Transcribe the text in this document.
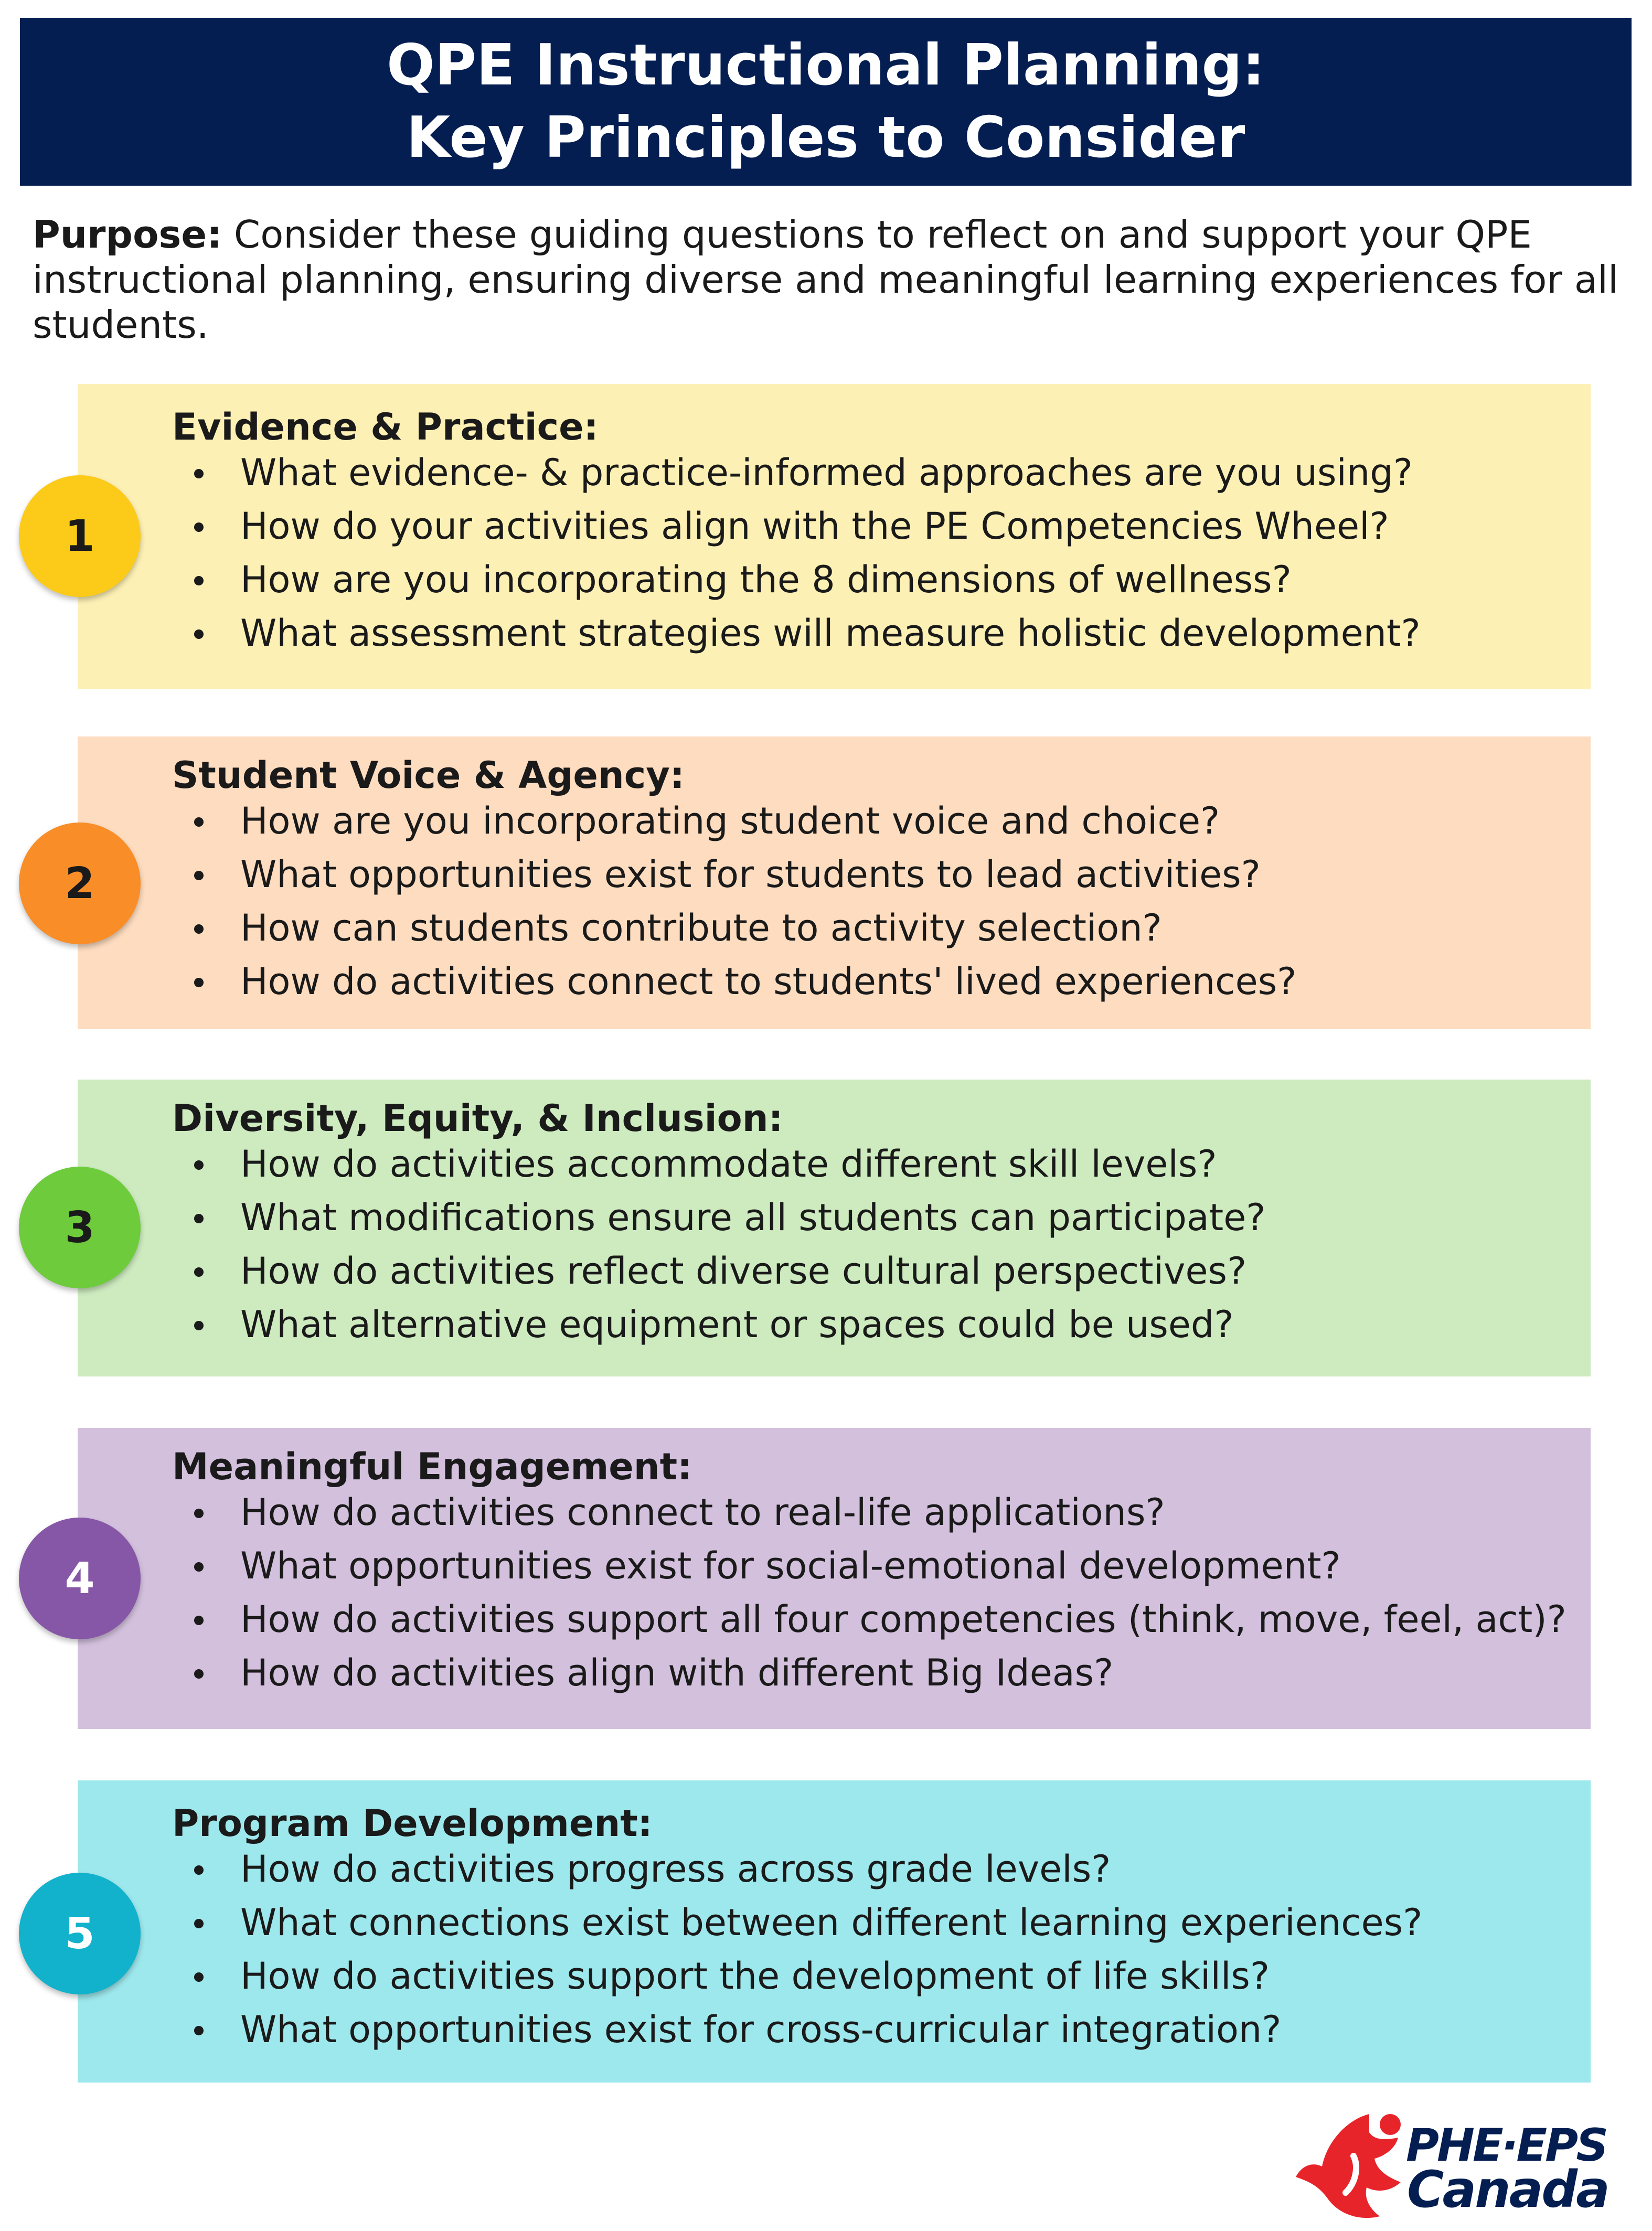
QPE Instructional Planning:
Key Principles to Consider
Purpose: Consider these guiding questions to reflect on and support your QPE instructional planning, ensuring diverse and meaningful learning experiences for all students.
Evidence & Practice:
What evidence- & practice-informed approaches are you using?
How do your activities align with the PE Competencies Wheel?
How are you incorporating the 8 dimensions of wellness?
What assessment strategies will measure holistic development?
1
Student Voice & Agency:
How are you incorporating student voice and choice?
What opportunities exist for students to lead activities?
How can students contribute to activity selection?
How do activities connect to students' lived experiences?
2
Diversity, Equity, & Inclusion:
How do activities accommodate different skill levels?
What modifications ensure all students can participate?
How do activities reflect diverse cultural perspectives?
What alternative equipment or spaces could be used?
3
Meaningful Engagement:
How do activities connect to real-life applications?
What opportunities exist for social-emotional development?
How do activities support all four competencies (think, move, feel, act)?
How do activities align with different Big Ideas?
4
Program Development:
How do activities progress across grade levels?
What connections exist between different learning experiences?
How do activities support the development of life skills?
What opportunities exist for cross-curricular integration?
5
PHE·EPS
Canada
